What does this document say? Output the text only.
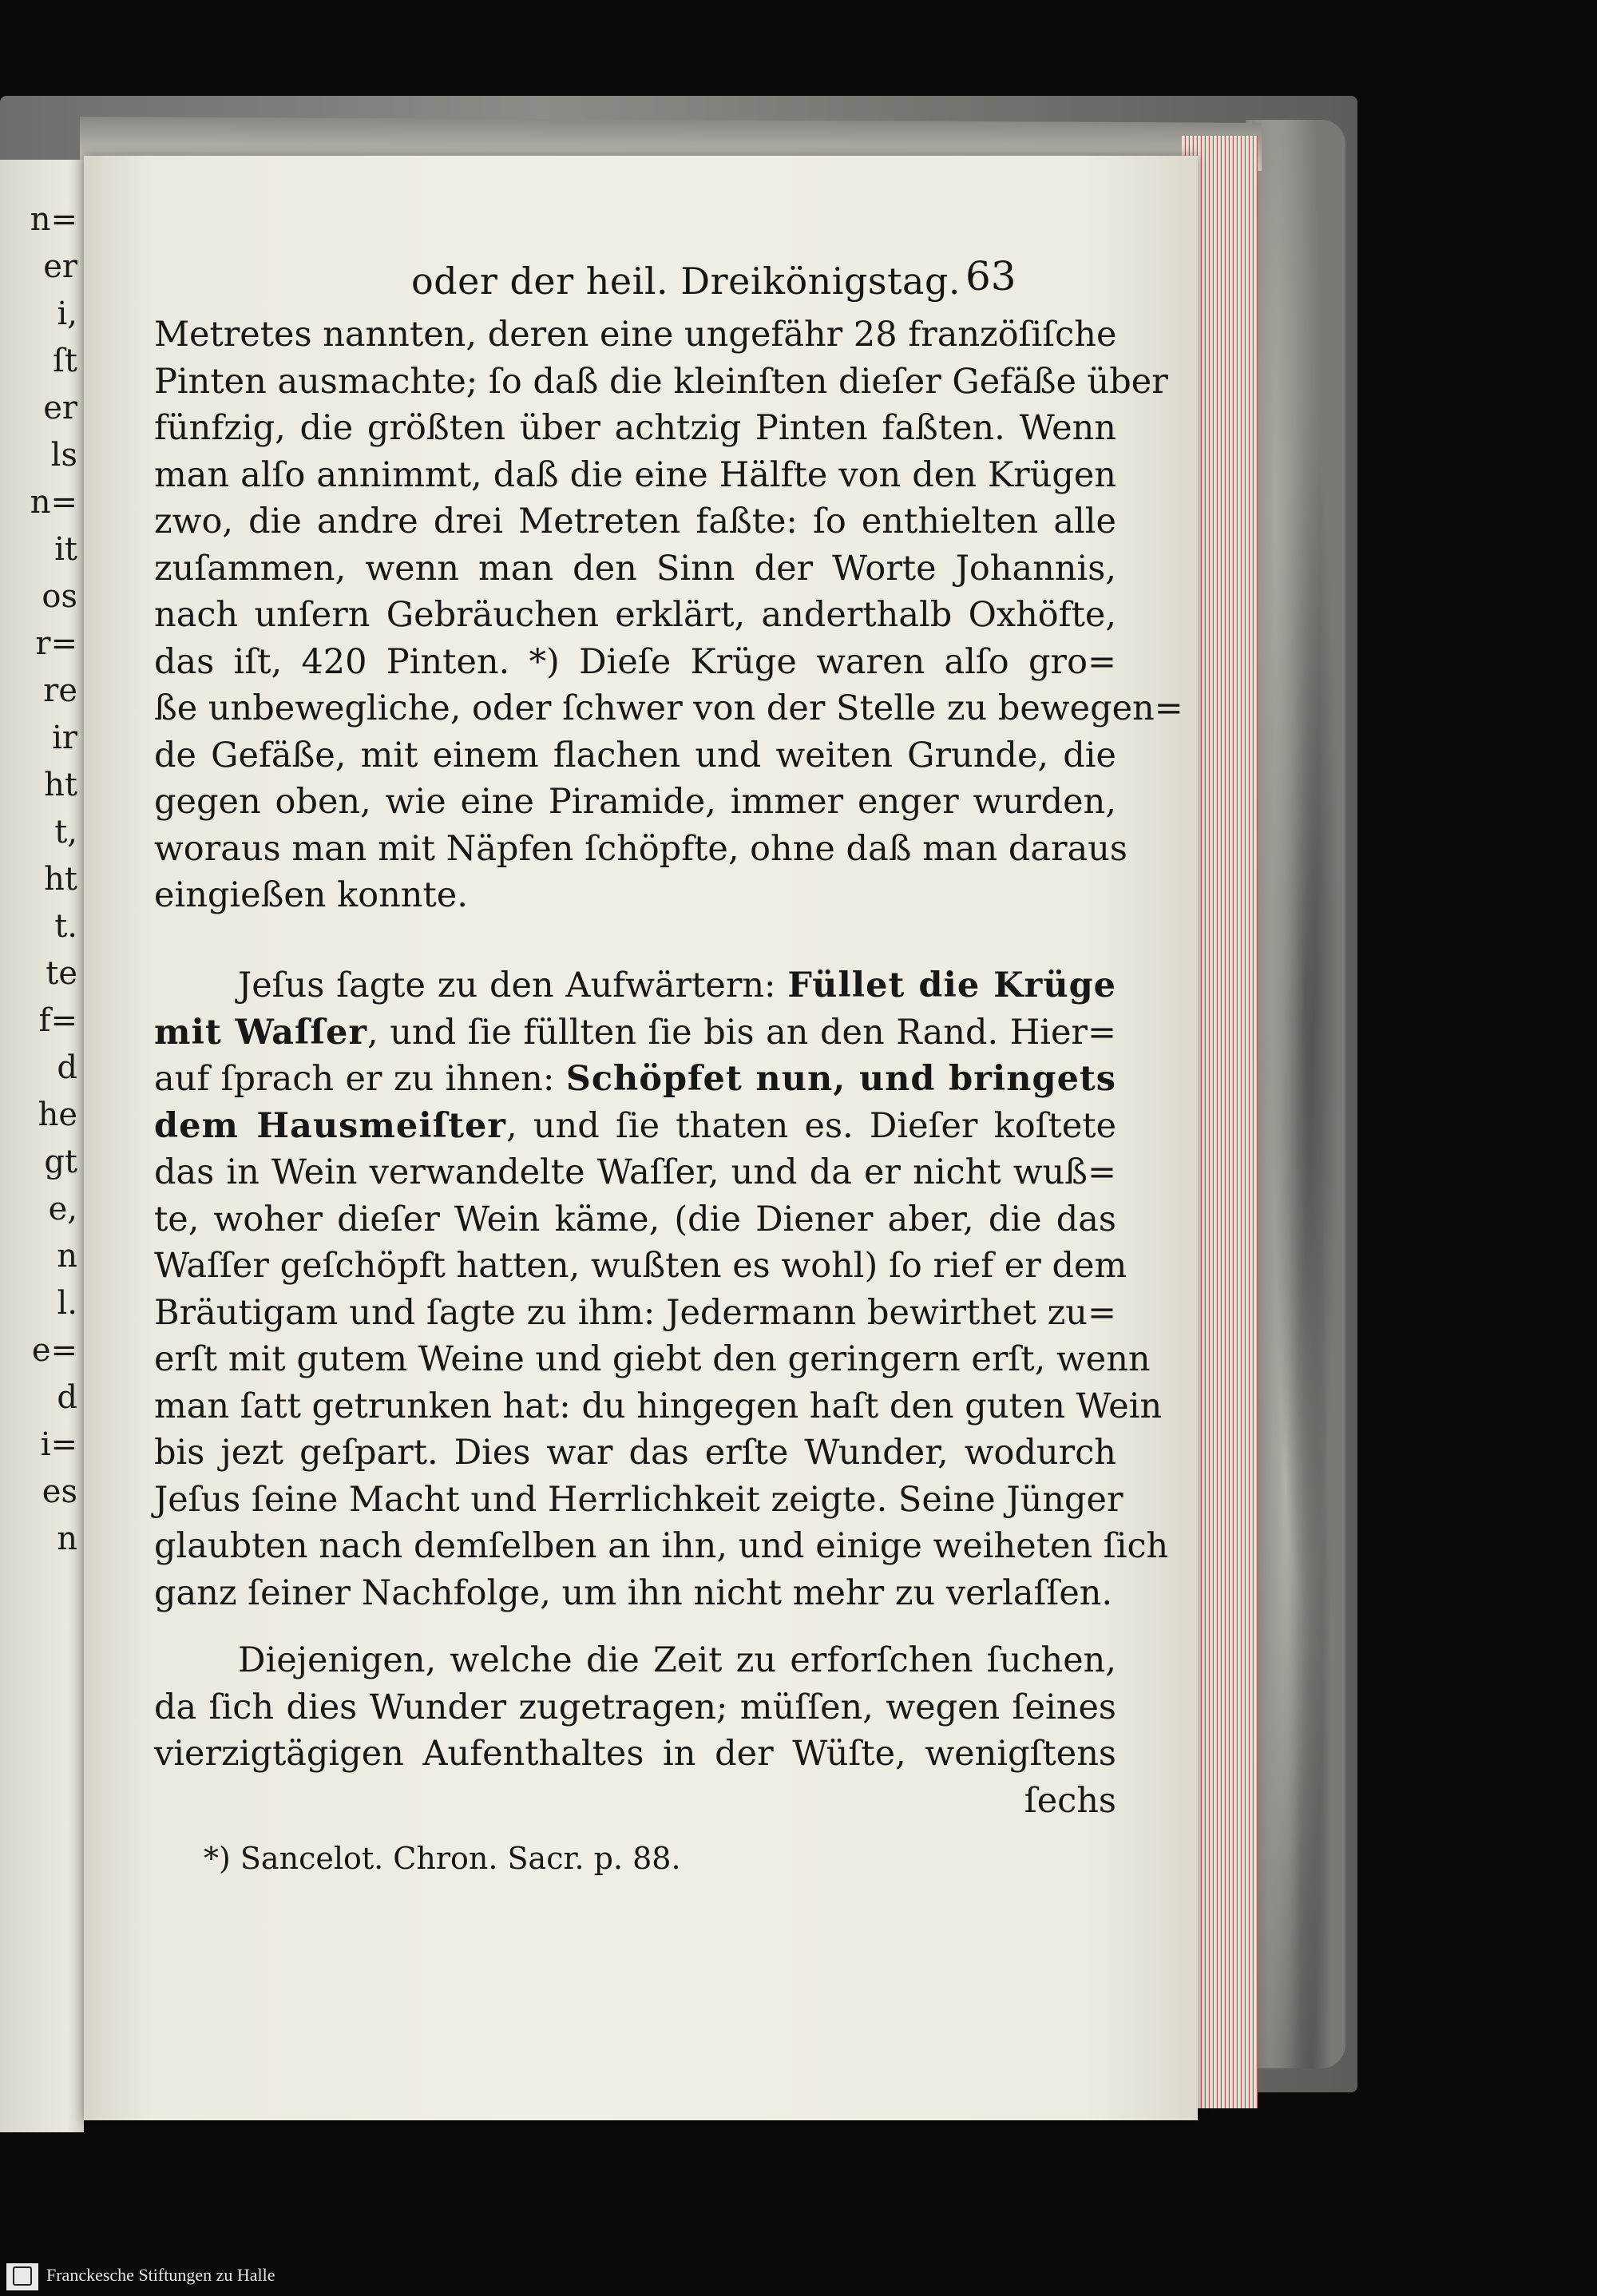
n=
er
i,
ſt
er
ls
n=
it
os
r=
re
ir
ht
t,
ht
t.
te
f=
d
he
gt
e,
n
l.
e=
d
i=
es
n
oder der heil. Dreikönigstag. 63
Metretes nannten, deren eine ungefähr 28 franzöſiſche
Pinten ausmachte; ſo daß die kleinſten dieſer Gefäße über
fünfzig, die größten über achtzig Pinten faßten. Wenn
man alſo annimmt, daß die eine Hälfte von den Krügen
zwo, die andre drei Metreten faßte: ſo enthielten alle
zuſammen, wenn man den Sinn der Worte Johannis,
nach unſern Gebräuchen erklärt, anderthalb Oxhöfte,
das iſt, 420 Pinten. *) Dieſe Krüge waren alſo gro=
ße unbewegliche, oder ſchwer von der Stelle zu bewegen=
de Gefäße, mit einem flachen und weiten Grunde, die
gegen oben, wie eine Piramide, immer enger wurden,
woraus man mit Näpfen ſchöpfte, ohne daß man daraus
eingießen konnte.
Jeſus ſagte zu den Aufwärtern: Füllet die Krüge
mit Waſſer, und ſie füllten ſie bis an den Rand. Hier=
auf ſprach er zu ihnen: Schöpfet nun, und bringets
dem Hausmeiſter, und ſie thaten es. Dieſer koſtete
das in Wein verwandelte Waſſer, und da er nicht wuß=
te, woher dieſer Wein käme, (die Diener aber, die das
Waſſer geſchöpft hatten, wußten es wohl) ſo rief er dem
Bräutigam und ſagte zu ihm: Jedermann bewirthet zu=
erſt mit gutem Weine und giebt den geringern erſt, wenn
man ſatt getrunken hat: du hingegen haſt den guten Wein
bis jezt geſpart. Dies war das erſte Wunder, wodurch
Jeſus ſeine Macht und Herrlichkeit zeigte. Seine Jünger
glaubten nach demſelben an ihn, und einige weiheten ſich
ganz ſeiner Nachfolge, um ihn nicht mehr zu verlaſſen.
Diejenigen, welche die Zeit zu erforſchen ſuchen,
da ſich dies Wunder zugetragen; müſſen, wegen ſeines
vierzigtägigen Aufenthaltes in der Wüſte, wenigſtens
ſechs
*) Sancelot. Chron. Sacr. p. 88.
Franckesche Stiftungen zu Halle
